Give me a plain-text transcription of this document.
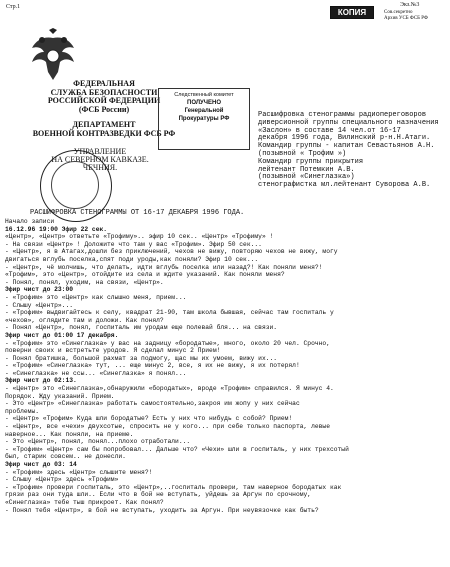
Стр.1
КОПИЯ
Экз.№3
Сов.секретно
Архив УСБ ФСБ РФ
ФЕДЕРАЛЬНАЯ
СЛУЖБА БЕЗОПАСНОСТИ
РОССИЙСКОЙ ФЕДЕРАЦИИ
(ФСБ России)
ДЕПАРТАМЕНТ
ВОЕННОЙ КОНТРАЗВЕДКИ ФСБ РФ
УПРАВЛЕНИЕ
НА СЕВЕРНОМ КАВКАЗЕ.
ЧЕЧНИЯ.
Следственный комитет
ПОЛУЧЕНО
Генеральной
Прокуратуры РФ	Расшифровка стенограммы радиопереговоров
диверсионной группы специального назначения
«Заслон» в составе 14 чел.от 16-17
декабря 1996 года, Вилинский р-н.Н.Атаги.
Командир группы - капитан Севастьянов А.Н.
(позывной « Трофим »)
Командир группы прикрытия
лейтенант Потемкин А.В.
(позывной «Синеглазка»)
стенографистка мл.лейтенант Суворова А.В.
РАСШИФРОВКА СТЕНОГРАММЫ ОТ 16-17 ДЕКАБРЯ 1996 ГОДА.
Начало записи
16.12.96 19:00 Эфир 22 сек.
«Центр», «Центр» ответьте «Трофиму».. эфир 10 сек.. «Центр» «Трофиму» !
- На связи «Центр» ! Доложите что там у вас «Трофим». Эфир 50 сек...
- «Центр», я в Атагах,дошли без приключений, чехов не вижу, повторяю чехов не вижу, могу
двигаться вглубь поселка,спят поди уроды,как поняли? Эфир 10 сек...
- «Центр», чё молчишь, что делать, идти вглубь поселка или назад?! Как поняли меня?!
«Трофим», это «Центр», отойдите из села и ждите указаний. Как поняли меня?
- Понял, понял, уходим, на связи, «Центр».
Эфир чист до 23:00
- «Трофим» это «Центр» как слышно меня, прием...
- Слышу «Центр»...
- «Трофим» выдвигайтесь к селу, квадрат 21-90, там школа бывшая, сейчас там госпиталь у
«чехов», оглядите там и доложи. Как понял?
- Понял «Центр», понял, госпиталь им уродам еще полевай бля... на связи.
Эфир чист до 01:00 17 декабря.
- «Трофим» это «Синеглазка» у вас на задницу «бородатые», много, около 20 чел. Срочно,
поверни своих и встретьте уродов. Я сделал минус 2 Прием!
- Понял братишка, большой рахмат за подмогу, щас мы их умоем, вижу их...
- «Трофим» «Синеглазка» тут, ... еще минус 2, все, я их не вижу, я их потерял!
- «Синеглазка» не ссы... «Синеглазка» я понял...
Эфир чист до 02:13.
- «Центр» это «Синеглазка»,обнаружили «бородатых», вроде «Трофим» справился. Я минус 4.
Порядок. Жду указаний. Прием.
- Это «Центр» «Синеглазка» работать самостоятельно,закроя им жопу у них сейчас
проблемы.
- «Центр» «Трофим» Куда шли бородатые? Есть у них что нибудь с собой? Прием!
- «Центр», все «чехи» двухсотые, спросить не у кого... при себе только паспорта, левые
наверное... Как поняли, на приеме.
- Это «Центр», понял, понял...плохо отработали...
- «Трофим» «Центр» сам бы попробовал... Дальше что? «Чехи» шли в госпиталь, у них трехсотый
был, старик совсем.. не донесли.
Эфир чист до 03: 14
- «Трофим» здесь «Центр» слышите меня?!
- Слышу «Центр» здесь «Трофим»
- «Трофим» провери госпиталь, это «Центр»,..госпиталь провери, там наверное бородатых как
грязи раз они туда шли.. Если что в бой не вступать, уйдешь за Аргун по срочному,
«Синеглазка» тебе тыш прикроет. Как понял?
- Понял тебя «Центр», в бой не вступать, уходить за Аргун. При неувязочке как быть?
